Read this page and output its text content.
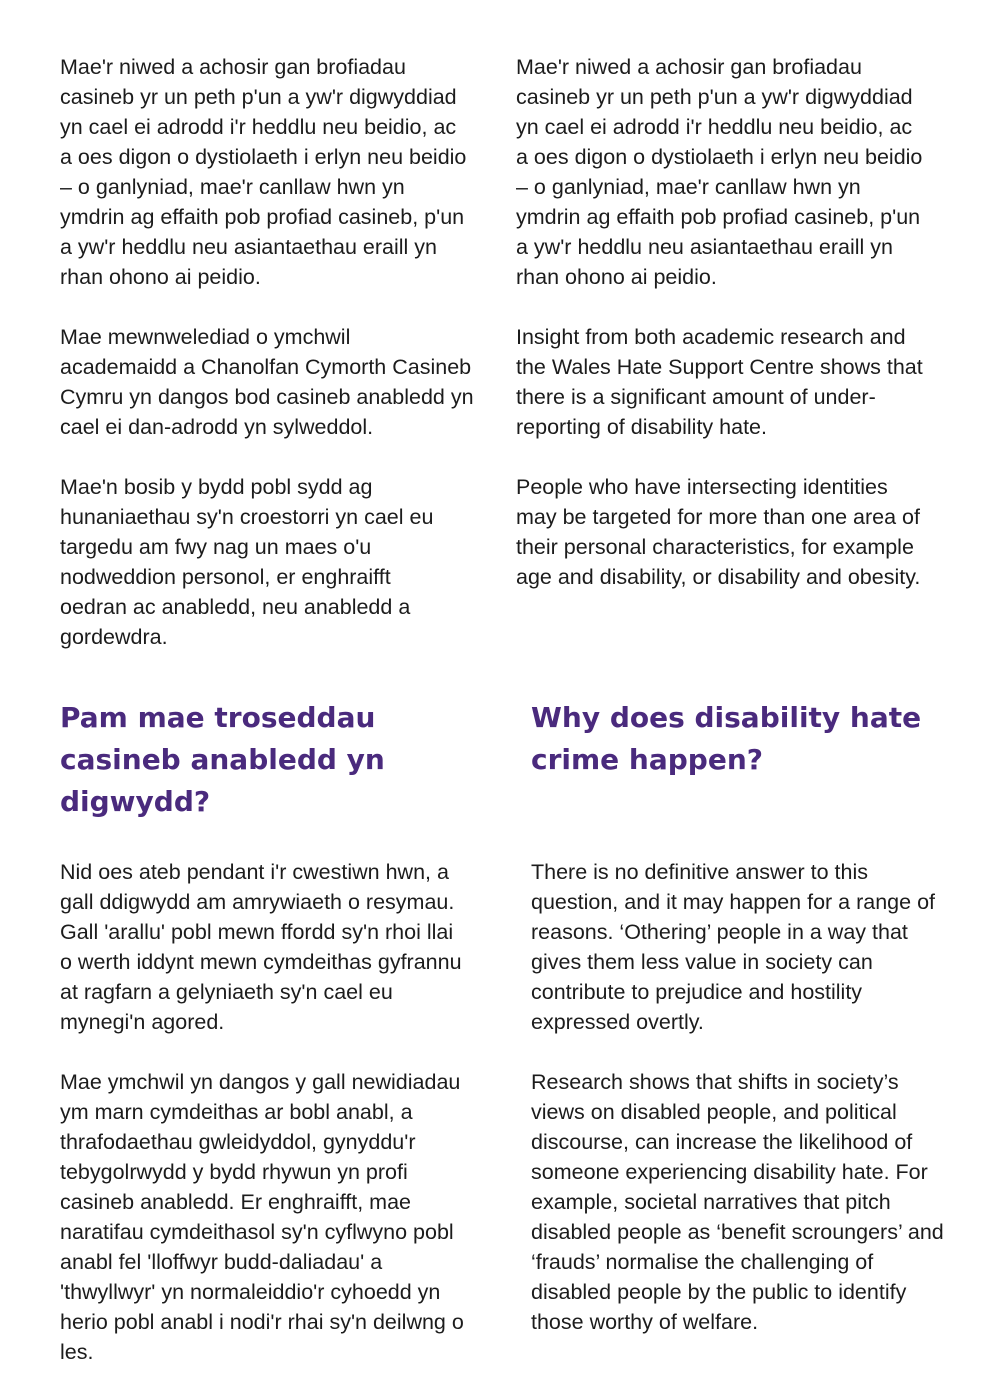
Mae'r niwed a achosir gan brofiadau
casineb yr un peth p'un a yw'r digwyddiad
yn cael ei adrodd i'r heddlu neu beidio, ac
a oes digon o dystiolaeth i erlyn neu beidio
– o ganlyniad, mae'r canllaw hwn yn
ymdrin ag effaith pob profiad casineb, p'un
a yw'r heddlu neu asiantaethau eraill yn
rhan ohono ai peidio.

Mae mewnwelediad o ymchwil
academaidd a Chanolfan Cymorth Casineb
Cymru yn dangos bod casineb anabledd yn
cael ei dan-adrodd yn sylweddol.

Mae'n bosib y bydd pobl sydd ag
hunaniaethau sy'n croestorri yn cael eu
targedu am fwy nag un maes o'u
nodweddion personol, er enghraifft
oedran ac anabledd, neu anabledd a
gordewdra.

Mae'r niwed a achosir gan brofiadau
casineb yr un peth p'un a yw'r digwyddiad
yn cael ei adrodd i'r heddlu neu beidio, ac
a oes digon o dystiolaeth i erlyn neu beidio
– o ganlyniad, mae'r canllaw hwn yn
ymdrin ag effaith pob profiad casineb, p'un
a yw'r heddlu neu asiantaethau eraill yn
rhan ohono ai peidio.

Insight from both academic research and
the Wales Hate Support Centre shows that
there is a significant amount of under-
reporting of disability hate.

People who have intersecting identities
may be targeted for more than one area of
their personal characteristics, for example
age and disability, or disability and obesity.

Pam mae troseddau
casineb anabledd yn
digwydd?
Why does disability hate
crime happen?

Nid oes ateb pendant i'r cwestiwn hwn, a
gall ddigwydd am amrywiaeth o resymau.
Gall 'arallu' pobl mewn ffordd sy'n rhoi llai
o werth iddynt mewn cymdeithas gyfrannu
at ragfarn a gelyniaeth sy'n cael eu
mynegi'n agored.

Mae ymchwil yn dangos y gall newidiadau
ym marn cymdeithas ar bobl anabl, a
thrafodaethau gwleidyddol, gynyddu'r
tebygolrwydd y bydd rhywun yn profi
casineb anabledd. Er enghraifft, mae
naratifau cymdeithasol sy'n cyflwyno pobl
anabl fel 'lloffwyr budd-daliadau' a
'thwyllwyr' yn normaleiddio'r cyhoedd yn
herio pobl anabl i nodi'r rhai sy'n deilwng o
les.

There is no definitive answer to this
question, and it may happen for a range of
reasons. ‘Othering’ people in a way that
gives them less value in society can
contribute to prejudice and hostility
expressed overtly.

Research shows that shifts in society’s
views on disabled people, and political
discourse, can increase the likelihood of
someone experiencing disability hate. For
example, societal narratives that pitch
disabled people as ‘benefit scroungers’ and
‘frauds’ normalise the challenging of
disabled people by the public to identify
those worthy of welfare.
